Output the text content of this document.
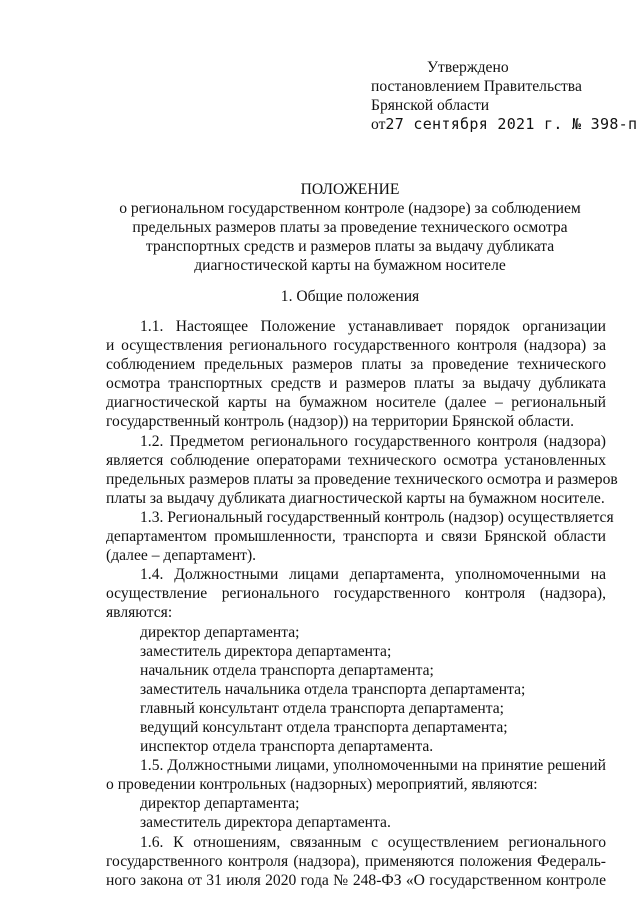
Утверждено
постановлением Правительства
Брянской области
от27 сентября 2021 г. № 398-п
ПОЛОЖЕНИЕ
о региональном государственном контроле (надзоре) за соблюдением
предельных размеров платы за проведение технического осмотра
транспортных средств и размеров платы за выдачу дубликата
диагностической карты на бумажном носителе
1. Общие положения
1.1. Настоящее Положение устанавливает порядок организации
и осуществления регионального государственного контроля (надзора) за
соблюдением предельных размеров платы за проведение технического
осмотра транспортных средств и размеров платы за выдачу дубликата
диагностической карты на бумажном носителе (далее – региональный
государственный контроль (надзор)) на территории Брянской области.
1.2. Предметом регионального государственного контроля (надзора)
является соблюдение операторами технического осмотра установленных
предельных размеров платы за проведение технического осмотра и размеров
платы за выдачу дубликата диагностической карты на бумажном носителе.
1.3. Региональный государственный контроль (надзор) осуществляется
департаментом промышленности, транспорта и связи Брянской области
(далее – департамент).
1.4. Должностными лицами департамента, уполномоченными на
осуществление регионального государственного контроля (надзора),
являются:
директор департамента;
заместитель директора департамента;
начальник отдела транспорта департамента;
заместитель начальника отдела транспорта департамента;
главный консультант отдела транспорта департамента;
ведущий консультант отдела транспорта департамента;
инспектор отдела транспорта департамента.
1.5. Должностными лицами, уполномоченными на принятие решений
о проведении контрольных (надзорных) мероприятий, являются:
директор департамента;
заместитель директора департамента.
1.6. К отношениям, связанным с осуществлением регионального
государственного контроля (надзора), применяются положения Федераль-
ного закона от 31 июля 2020 года № 248-ФЗ «О государственном контроле
